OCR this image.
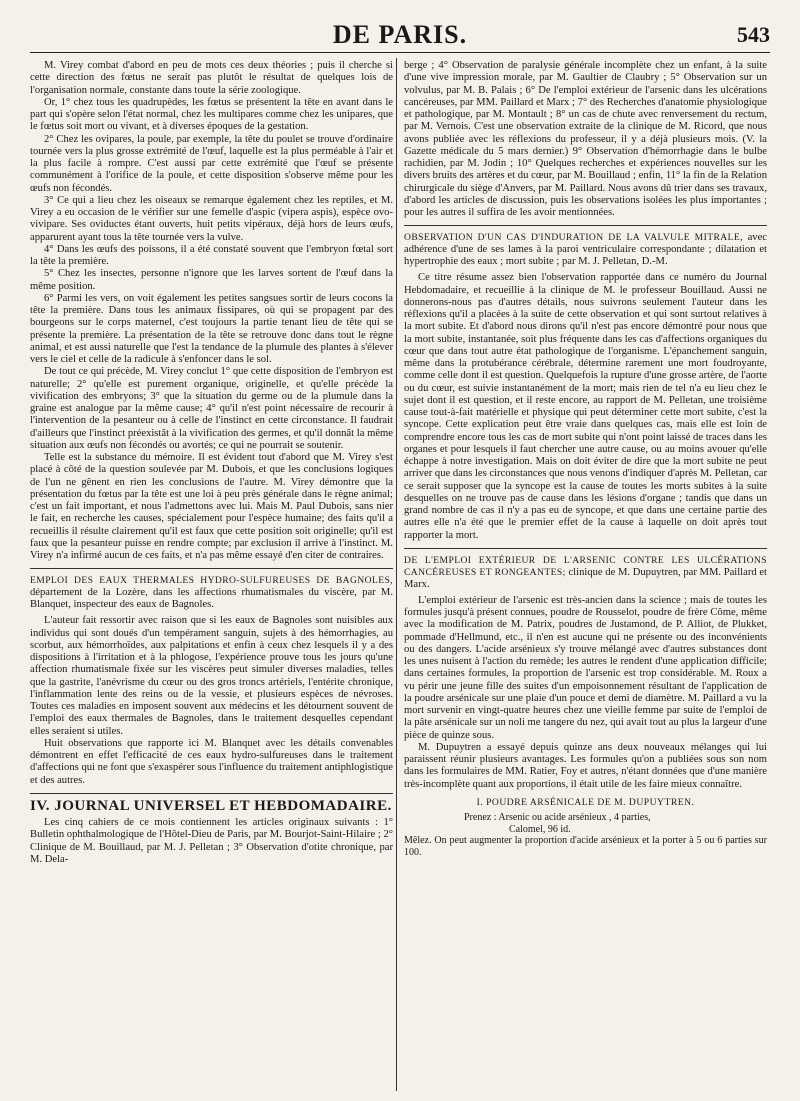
DE PARIS.	543

M. Virey combat d'abord en peu de mots ces deux théories ; puis il cherche si cette direction des fœtus ne serait pas plutôt le résultat de quelques lois de l'organisation normale, constante dans toute la série zoologique.

Or, 1° chez tous les quadrupèdes, les fœtus se présentent la tête en avant dans le part qui s'opère selon l'état normal, chez les multipares comme chez les unipares, que le fœtus soit mort ou vivant, et à diverses époques de la gestation.

2° Chez les ovipares, la poule, par exemple, la tête du poulet se trouve d'ordinaire tournée vers la plus grosse extrémité de l'œuf, laquelle est la plus perméable à l'air et la plus facile à rompre. C'est aussi par cette extrémité que l'œuf se présente communément à l'orifice de la poule, et cette disposition s'observe même pour les œufs non fécondés.

3° Ce qui a lieu chez les oiseaux se remarque également chez les reptiles, et M. Virey a eu occasion de le vérifier sur une femelle d'aspic (vipera aspis), espèce ovo-vivipare. Ses oviductes étant ouverts, huit petits vipéraux, déjà hors de leurs œufs, apparurent ayant tous la tête tournée vers la vulve.

4° Dans les œufs des poissons, il a été constaté souvent que l'embryon fœtal sort la tête la première.

5° Chez les insectes, personne n'ignore que les larves sortent de l'œuf dans la même position.

6° Parmi les vers, on voit également les petites sangsues sortir de leurs cocons la tête la première. Dans tous les animaux fissipares, où qui se propagent par des bourgeons sur le corps maternel, c'est toujours la partie tenant lieu de tête qui se présente la première. La présentation de la tête se retrouve donc dans tout le règne animal, et est aussi naturelle que l'est la tendance de la plumule des plantes à s'élever vers le ciel et celle de la radicule à s'enfoncer dans le sol.

De tout ce qui précède, M. Virey conclut 1° que cette disposition de l'embryon est naturelle; 2° qu'elle est purement organique, originelle, et qu'elle précède la vivification des embryons; 3° que la situation du germe ou de la plumule dans la graine est analogue par la même cause; 4° qu'il n'est point nécessaire de recourir à l'intervention de la pesanteur ou à celle de l'instinct en cette circonstance. Il faudrait d'ailleurs que l'instinct préexistât à la vivification des germes, et qu'il donnât la même situation aux œufs non fécondés ou avortés; ce qui ne pourrait se soutenir.

Telle est la substance du mémoire. Il est évident tout d'abord que M. Virey s'est placé à côté de la question soulevée par M. Dubois, et que les conclusions logiques de l'un ne gênent en rien les conclusions de l'autre. M. Virey démontre que la présentation du fœtus par la tête est une loi à peu près générale dans le règne animal; c'est un fait important, et nous l'admettons avec lui. Mais M. Paul Dubois, sans nier le fait, en recherche les causes, spécialement pour l'espèce humaine; des faits qu'il a recueillis il résulte clairement qu'il est faux que cette position soit originelle; qu'il est faux que la pesanteur puisse en rendre compte; par exclusion il arrive à l'instinct. M. Virey n'a infirmé aucun de ces faits, et n'a pas même essayé d'en citer de contraires.

EMPLOI DES EAUX THERMALES HYDRO-SULFUREUSES DE BAGNOLES, département de la Lozère, dans les affections rhumatismales du viscère, par M. Blanquet, inspecteur des eaux de Bagnoles.

L'auteur fait ressortir avec raison que si les eaux de Bagnoles sont nuisibles aux individus qui sont doués d'un tempérament sanguin, sujets à des hémorrhagies, au scorbut, aux hémorrhoïdes, aux palpitations et enfin à ceux chez lesquels il y a des dispositions à l'irritation et à la phlogose, l'expérience prouve tous les jours qu'une affection rhumatismale fixée sur les viscères peut simuler diverses maladies, telles que la gastrite, l'anévrisme du cœur ou des gros troncs artériels, l'entérite chronique, l'inflammation lente des reins ou de la vessie, et plusieurs espèces de névroses. Toutes ces maladies en imposent souvent aux médecins et les détournent souvent de l'emploi des eaux thermales de Bagnoles, dans le traitement desquelles cependant elles seraient si utiles.

Huit observations que rapporte ici M. Blanquet avec les détails convenables démontrent en effet l'efficacité de ces eaux hydro-sulfureuses dans le traitement d'affections qui ne font que s'exaspérer sous l'influence du traitement antiphlogistique et des autres.

IV. JOURNAL UNIVERSEL ET HEBDOMADAIRE.

Les cinq cahiers de ce mois contiennent les articles originaux suivants : 1° Bulletin ophthalmologique de l'Hôtel-Dieu de Paris, par M. Bourjot-Saint-Hilaire ; 2° Clinique de M. Bouillaud, par M. J. Pelletan ; 3° Observation d'otite chronique, par M. Dela-

berge ; 4° Observation de paralysie générale incomplète chez un enfant, à la suite d'une vive impression morale, par M. Gaultier de Claubry ; 5° Observation sur un volvulus, par M. B. Palais ; 6° De l'emploi extérieur de l'arsenic dans les ulcérations cancéreuses, par MM. Paillard et Marx ; 7° des Recherches d'anatomie physiologique et pathologique, par M. Montault ; 8° un cas de chute avec renversement du rectum, par M. Vernois. C'est une observation extraite de la clinique de M. Ricord, que nous avons publiée avec les réflexions du professeur, il y a déjà plusieurs mois. (V. la Gazette médicale du 5 mars dernier.) 9° Observation d'hémorrhagie dans le bulbe rachidien, par M. Jodin ; 10° Quelques recherches et expériences nouvelles sur les divers bruits des artères et du cœur, par M. Bouillaud ; enfin, 11° la fin de la Relation chirurgicale du siège d'Anvers, par M. Paillard. Nous avons dû trier dans ses travaux, d'abord les articles de discussion, puis les observations isolées les plus importantes ; pour les autres il suffira de les avoir mentionnées.

OBSERVATION D'UN CAS D'INDURATION DE LA VALVULE MITRALE, avec adhérence d'une de ses lames à la paroi ventriculaire correspondante ; dilatation et hypertrophie des eaux ; mort subite ; par M. J. Pelletan, D.-M.

Ce titre résume assez bien l'observation rapportée dans ce numéro du Journal Hebdomadaire, et recueillie à la clinique de M. le professeur Bouillaud. Aussi ne donnerons-nous pas d'autres détails, nous suivrons seulement l'auteur dans les réflexions qu'il a placées à la suite de cette observation et qui sont surtout relatives à la mort subite. Et d'abord nous dirons qu'il n'est pas encore démontré pour nous que la mort subite, instantanée, soit plus fréquente dans les cas d'affections organiques du cœur que dans tout autre état pathologique de l'organisme. L'épanchement sanguin, même dans la protubérance cérébrale, détermine rarement une mort foudroyante, comme celle dont il est question. Quelquefois la rupture d'une grosse artère, de l'aorte ou du cœur, est suivie instantanément de la mort; mais rien de tel n'a eu lieu chez le sujet dont il est question, et il reste encore, au rapport de M. Pelletan, une troisième cause tout-à-fait matérielle et physique qui peut déterminer cette mort subite, c'est la syncope. Cette explication peut être vraie dans quelques cas, mais elle est loin de comprendre encore tous les cas de mort subite qui n'ont point laissé de traces dans les organes et pour lesquels il faut chercher une autre cause, ou au moins avouer qu'elle échappe à notre investigation. Mais on doit éviter de dire que la mort subite ne peut arriver que dans les circonstances que nous venons d'indiquer d'après M. Pelletan, car ce serait supposer que la syncope est la cause de toutes les morts subites à la suite desquelles on ne trouve pas de cause dans les lésions d'organe ; tandis que dans un grand nombre de cas il n'y a pas eu de syncope, et que dans une certaine partie des autres elle n'a été que le premier effet de la cause à laquelle on doit après tout rapporter la mort.

DE L'EMPLOI EXTÉRIEUR DE L'ARSENIC CONTRE LES ULCÉRATIONS CANCÉREUSES ET RONGEANTES; clinique de M. Dupuytren, par MM. Paillard et Marx.

L'emploi extérieur de l'arsenic est très-ancien dans la science ; mais de toutes les formules jusqu'à présent connues, poudre de Rousselot, poudre de frère Côme, même avec la modification de M. Patrix, poudres de Justamond, de P. Alliot, de Plukket, pommade d'Hellmund, etc., il n'en est aucune qui ne présente ou des inconvénients ou des dangers. L'acide arsénieux s'y trouve mélangé avec d'autres substances dont les unes nuisent à l'action du remède; les autres le rendent d'une application difficile; dans certaines formules, la proportion de l'arsenic est trop considérable. M. Roux a vu périr une jeune fille des suites d'un empoisonnement résultant de l'application de la poudre arsénicale sur une plaie d'un pouce et demi de diamètre. M. Paillard a vu la mort survenir en vingt-quatre heures chez une vieille femme par suite de l'emploi de la pâte arsénicale sur un noli me tangere du nez, qui avait tout au plus la largeur d'une pièce de quinze sous.

M. Dupuytren a essayé depuis quinze ans deux nouveaux mélanges qui lui paraissent réunir plusieurs avantages. Les formules qu'on a publiées sous son nom dans les formulaires de MM. Ratier, Foy et autres, n'étant données que d'une manière très-incomplète quant aux proportions, il était utile de les faire mieux connaître.

I. POUDRE ARSÉNICALE DE M. DUPUYTREN.

Prenez : Arsenic ou acide arsénieux , 4 parties,

Calomel, 96 id.

Mêlez. On peut augmenter la proportion d'acide arsénieux et la porter à 5 ou 6 parties sur 100.
